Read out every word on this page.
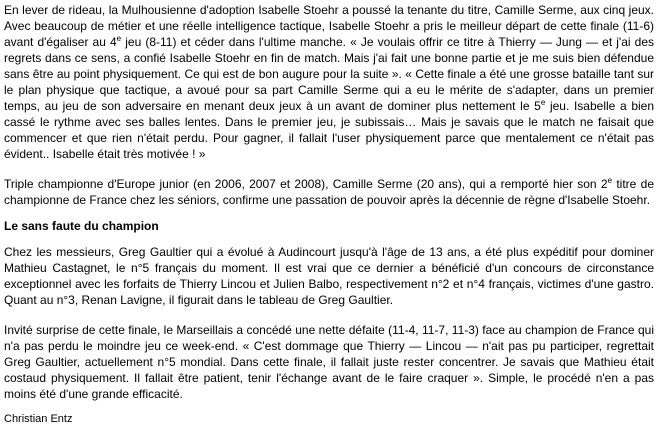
En lever de rideau, la Mulhousienne d'adoption Isabelle Stoehr a poussé la tenante du titre, Camille Serme, aux cinq jeux. Avec beaucoup de métier et une réelle intelligence tactique, Isabelle Stoehr a pris le meilleur départ de cette finale (11-6) avant d'égaliser au 4e jeu (8-11) et céder dans l'ultime manche. « Je voulais offrir ce titre à Thierry — Jung — et j'ai des regrets dans ce sens, a confié Isabelle Stoehr en fin de match. Mais j'ai fait une bonne partie et je me suis bien défendue sans être au point physiquement. Ce qui est de bon augure pour la suite ». « Cette finale a été une grosse bataille tant sur le plan physique que tactique, a avoué pour sa part Camille Serme qui a eu le mérite de s'adapter, dans un premier temps, au jeu de son adversaire en menant deux jeux à un avant de dominer plus nettement le 5e jeu. Isabelle a bien cassé le rythme avec ses balles lentes. Dans le premier jeu, je subissais… Mais je savais que le match ne faisait que commencer et que rien n'était perdu. Pour gagner, il fallait l'user physiquement parce que mentalement ce n'était pas évident.. Isabelle était très motivée ! »

Triple championne d'Europe junior (en 2006, 2007 et 2008), Camille Serme (20 ans), qui a remporté hier son 2e titre de championne de France chez les séniors, confirme une passation de pouvoir après la décennie de règne d'Isabelle Stoehr.

Le sans faute du champion

Chez les messieurs, Greg Gaultier qui a évolué à Audincourt jusqu'à l'âge de 13 ans, a été plus expéditif pour dominer Mathieu Castagnet, le n°5 français du moment. Il est vrai que ce dernier a bénéficié d'un concours de circonstance exceptionnel avec les forfaits de Thierry Lincou et Julien Balbo, respectivement n°2 et n°4 français, victimes d'une gastro. Quant au n°3, Renan Lavigne, il figurait dans le tableau de Greg Gaultier.

Invité surprise de cette finale, le Marseillais a concédé une nette défaite (11-4, 11-7, 11-3) face au champion de France qui n'a pas perdu le moindre jeu ce week-end. « C'est dommage que Thierry — Lincou — n'ait pas pu participer, regrettait Greg Gaultier, actuellement n°5 mondial. Dans cette finale, il fallait juste rester concentrer. Je savais que Mathieu était costaud physiquement. Il fallait être patient, tenir l'échange avant de le faire craquer ». Simple, le procédé n'en a pas moins été d'une grande efficacité.

Christian Entz
